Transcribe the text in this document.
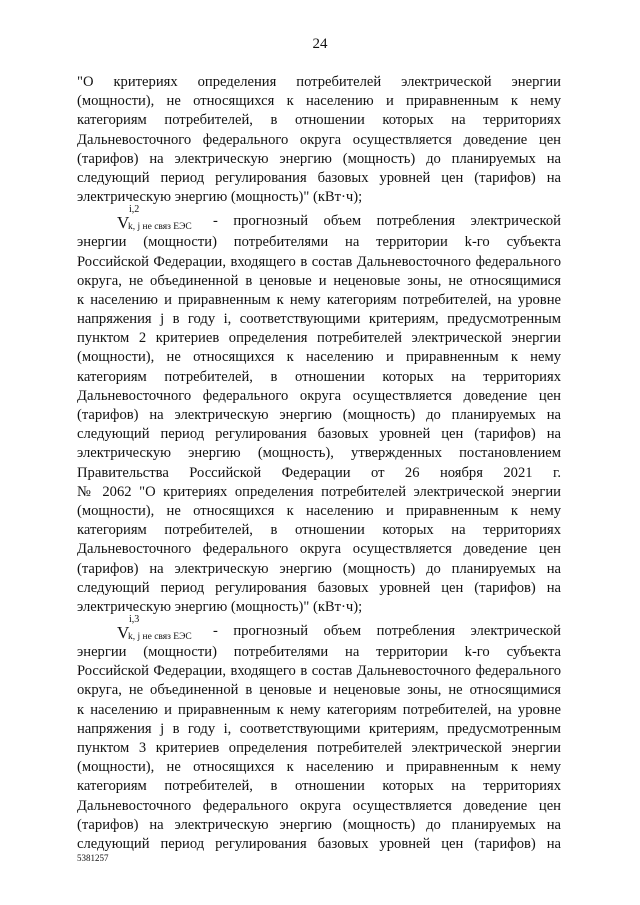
24
"О критериях определения потребителей электрической энергии
(мощности), не относящихся к населению и приравненным к нему
категориям потребителей, в отношении которых на территориях
Дальневосточного федерального округа осуществляется доведение цен
(тарифов) на электрическую энергию (мощность) до планируемых на
следующий период регулирования базовых уровней цен (тарифов) на
электрическую энергию (мощность)" (кВт·ч);
V
i,2
k, j не связ ЕЭС - прогнозный объем потребления электрической
энергии (мощности) потребителями на территории k-го субъекта
Российской Федерации, входящего в состав Дальневосточного федерального
округа, не объединенной в ценовые и неценовые зоны, не относящимися
к населению и приравненным к нему категориям потребителей, на уровне
напряжения j в году i, соответствующими критериям, предусмотренным
пунктом 2 критериев определения потребителей электрической энергии
(мощности), не относящихся к населению и приравненным к нему
категориям потребителей, в отношении которых на территориях
Дальневосточного федерального округа осуществляется доведение цен
(тарифов) на электрическую энергию (мощность) до планируемых на
следующий период регулирования базовых уровней цен (тарифов) на
электрическую энергию (мощность), утвержденных постановлением
Правительства Российской Федерации от 26 ноября 2021 г.
№ 2062 "О критериях определения потребителей электрической энергии
(мощности), не относящихся к населению и приравненным к нему
категориям потребителей, в отношении которых на территориях
Дальневосточного федерального округа осуществляется доведение цен
(тарифов) на электрическую энергию (мощность) до планируемых на
следующий период регулирования базовых уровней цен (тарифов) на
электрическую энергию (мощность)" (кВт·ч);
V
i,3
k, j не связ ЕЭС - прогнозный объем потребления электрической
энергии (мощности) потребителями на территории k-го субъекта
Российской Федерации, входящего в состав Дальневосточного федерального
округа, не объединенной в ценовые и неценовые зоны, не относящимися
к населению и приравненным к нему категориям потребителей, на уровне
напряжения j в году i, соответствующими критериям, предусмотренным
пунктом 3 критериев определения потребителей электрической энергии
(мощности), не относящихся к населению и приравненным к нему
категориям потребителей, в отношении которых на территориях
Дальневосточного федерального округа осуществляется доведение цен
(тарифов) на электрическую энергию (мощность) до планируемых на
следующий период регулирования базовых уровней цен (тарифов) на
5381257
